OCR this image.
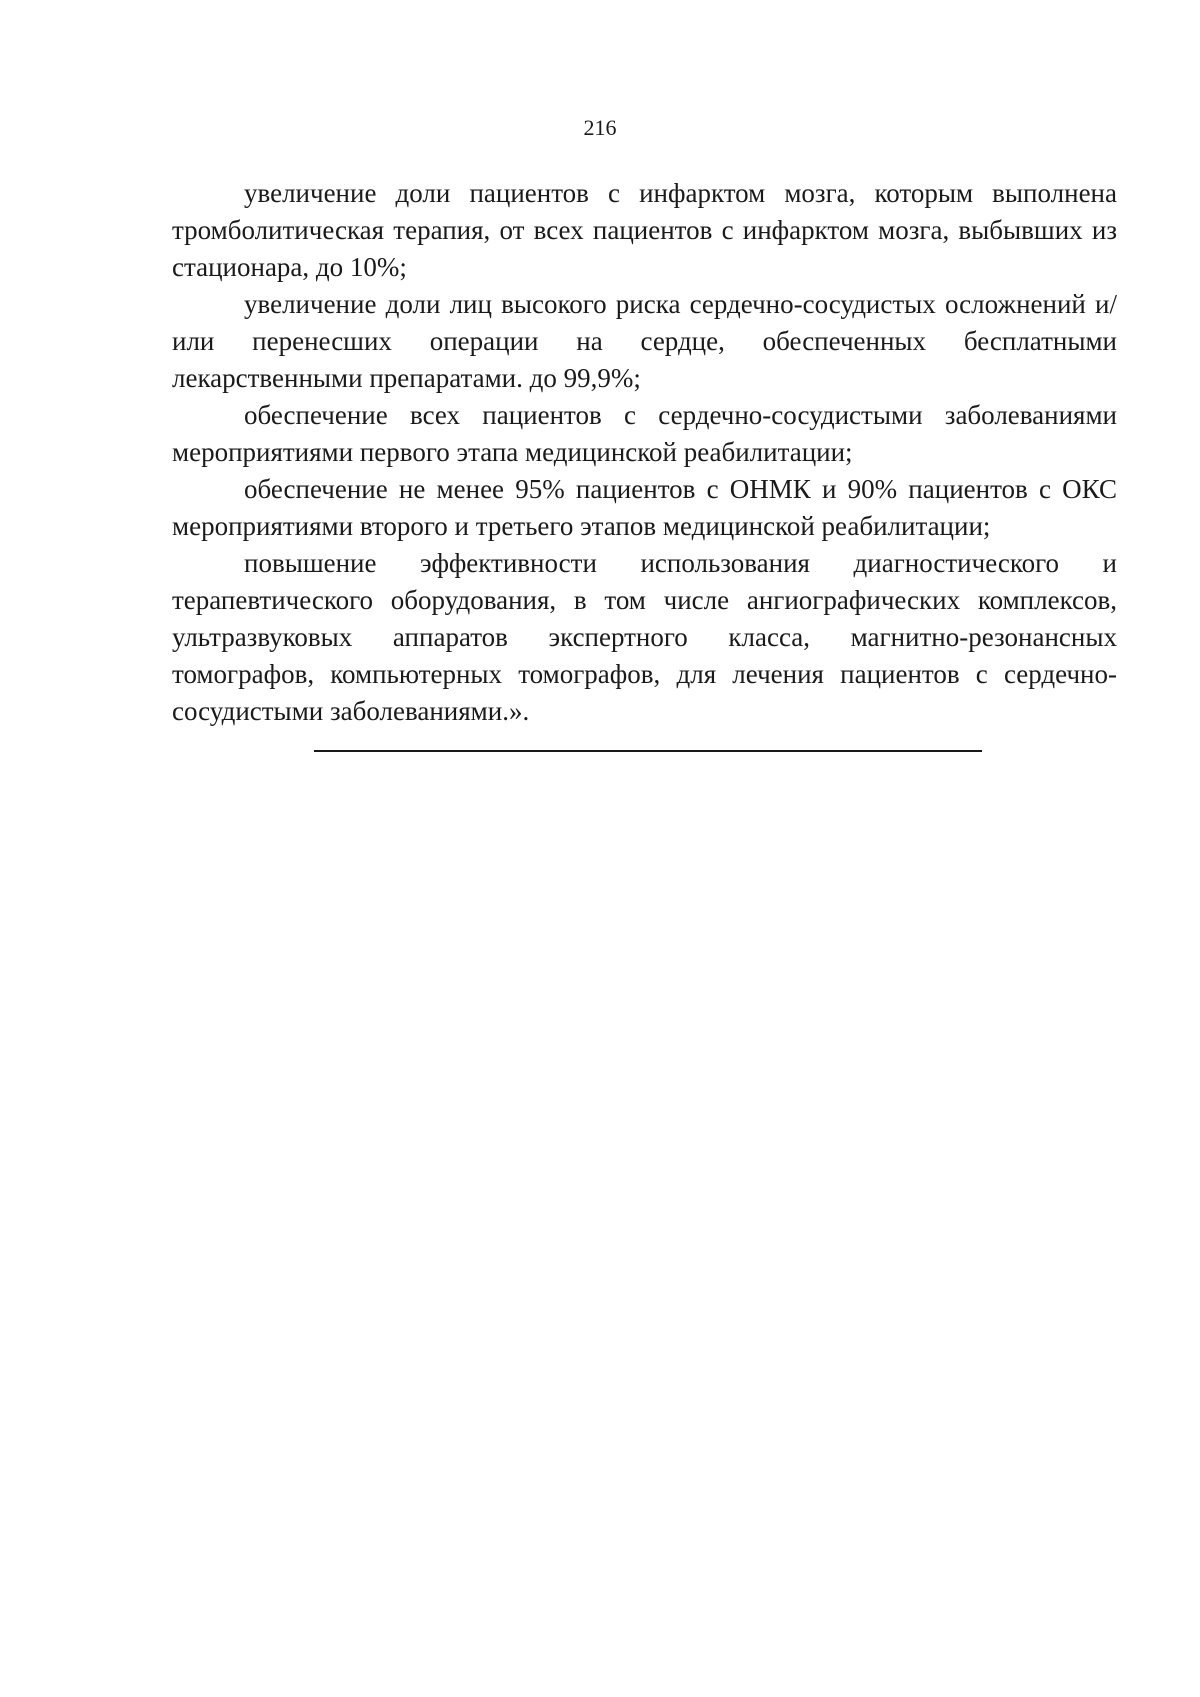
216

увеличение доли пациентов с инфарктом мозга, которым выполнена тромболитическая терапия, от всех пациентов с инфарктом мозга, выбывших из стационара, до 10%;

увеличение доли лиц высокого риска сердечно-сосудистых осложнений и/или перенесших операции на сердце, обеспеченных бесплатными лекарственными препаратами. до 99,9%;

обеспечение всех пациентов с сердечно-сосудистыми заболеваниями мероприятиями первого этапа медицинской реабилитации;

обеспечение не менее 95% пациентов с ОНМК и 90% пациентов с ОКС мероприятиями второго и третьего этапов медицинской реабилитации;

повышение эффективности использования диагностического и терапевтического оборудования, в том числе ангиографических комплексов, ультразвуковых аппаратов экспертного класса, магнитно-резонансных томографов, компьютерных томографов, для лечения пациентов с сердечно-сосудистыми заболеваниями.».
